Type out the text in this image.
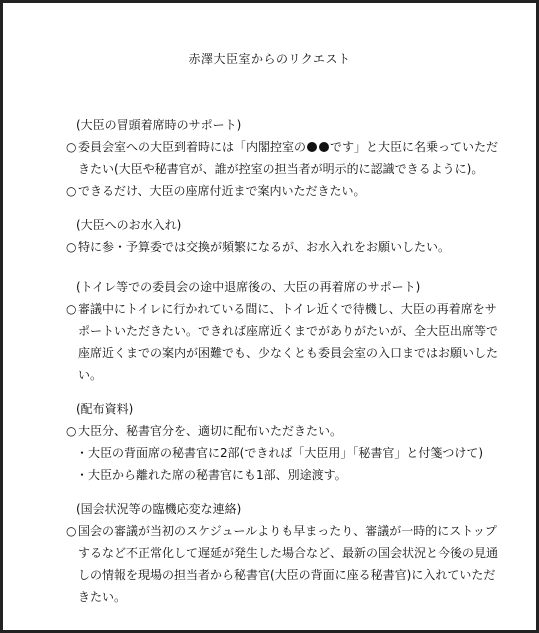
赤澤大臣室からのリクエスト
(大臣の冒頭着席時のサポート)
○ 委員会室への大臣到着時には「内閣控室の です」と大臣に名乗っていただきたい(大臣や秘書官が、誰が控室の担当者が明示的に認識できるように)。
○ できるだけ、大臣の座席付近まで案内いただきたい。
(大臣へのお水入れ)
○ 特に参・予算委では交換が頻繁になるが、お水入れをお願いしたい。
(トイレ等での委員会の途中退席後の、大臣の再着席のサポート)
○ 審議中にトイレに行かれている間に、トイレ近くで待機し、大臣の再着席をサポートいただきたい。できれば座席近くまでがありがたいが、全大臣出席等で座席近くまでの案内が困難でも、少なくとも委員会室の入口まではお願いしたい。
(配布資料)
○ 大臣分、秘書官分を、適切に配布いただきたい。
・ 大臣の背面席の秘書官に2部(できれば「大臣用」「秘書官」と付箋つけて)
・ 大臣から離れた席の秘書官にも1部、別途渡す。
(国会状況等の臨機応変な連絡)
○ 国会の審議が当初のスケジュールよりも早まったり、審議が一時的にストップするなど不正常化して遅延が発生した場合など、最新の国会状況と今後の見通しの情報を現場の担当者から秘書官(大臣の背面に座る秘書官)に入れていただきたい。
